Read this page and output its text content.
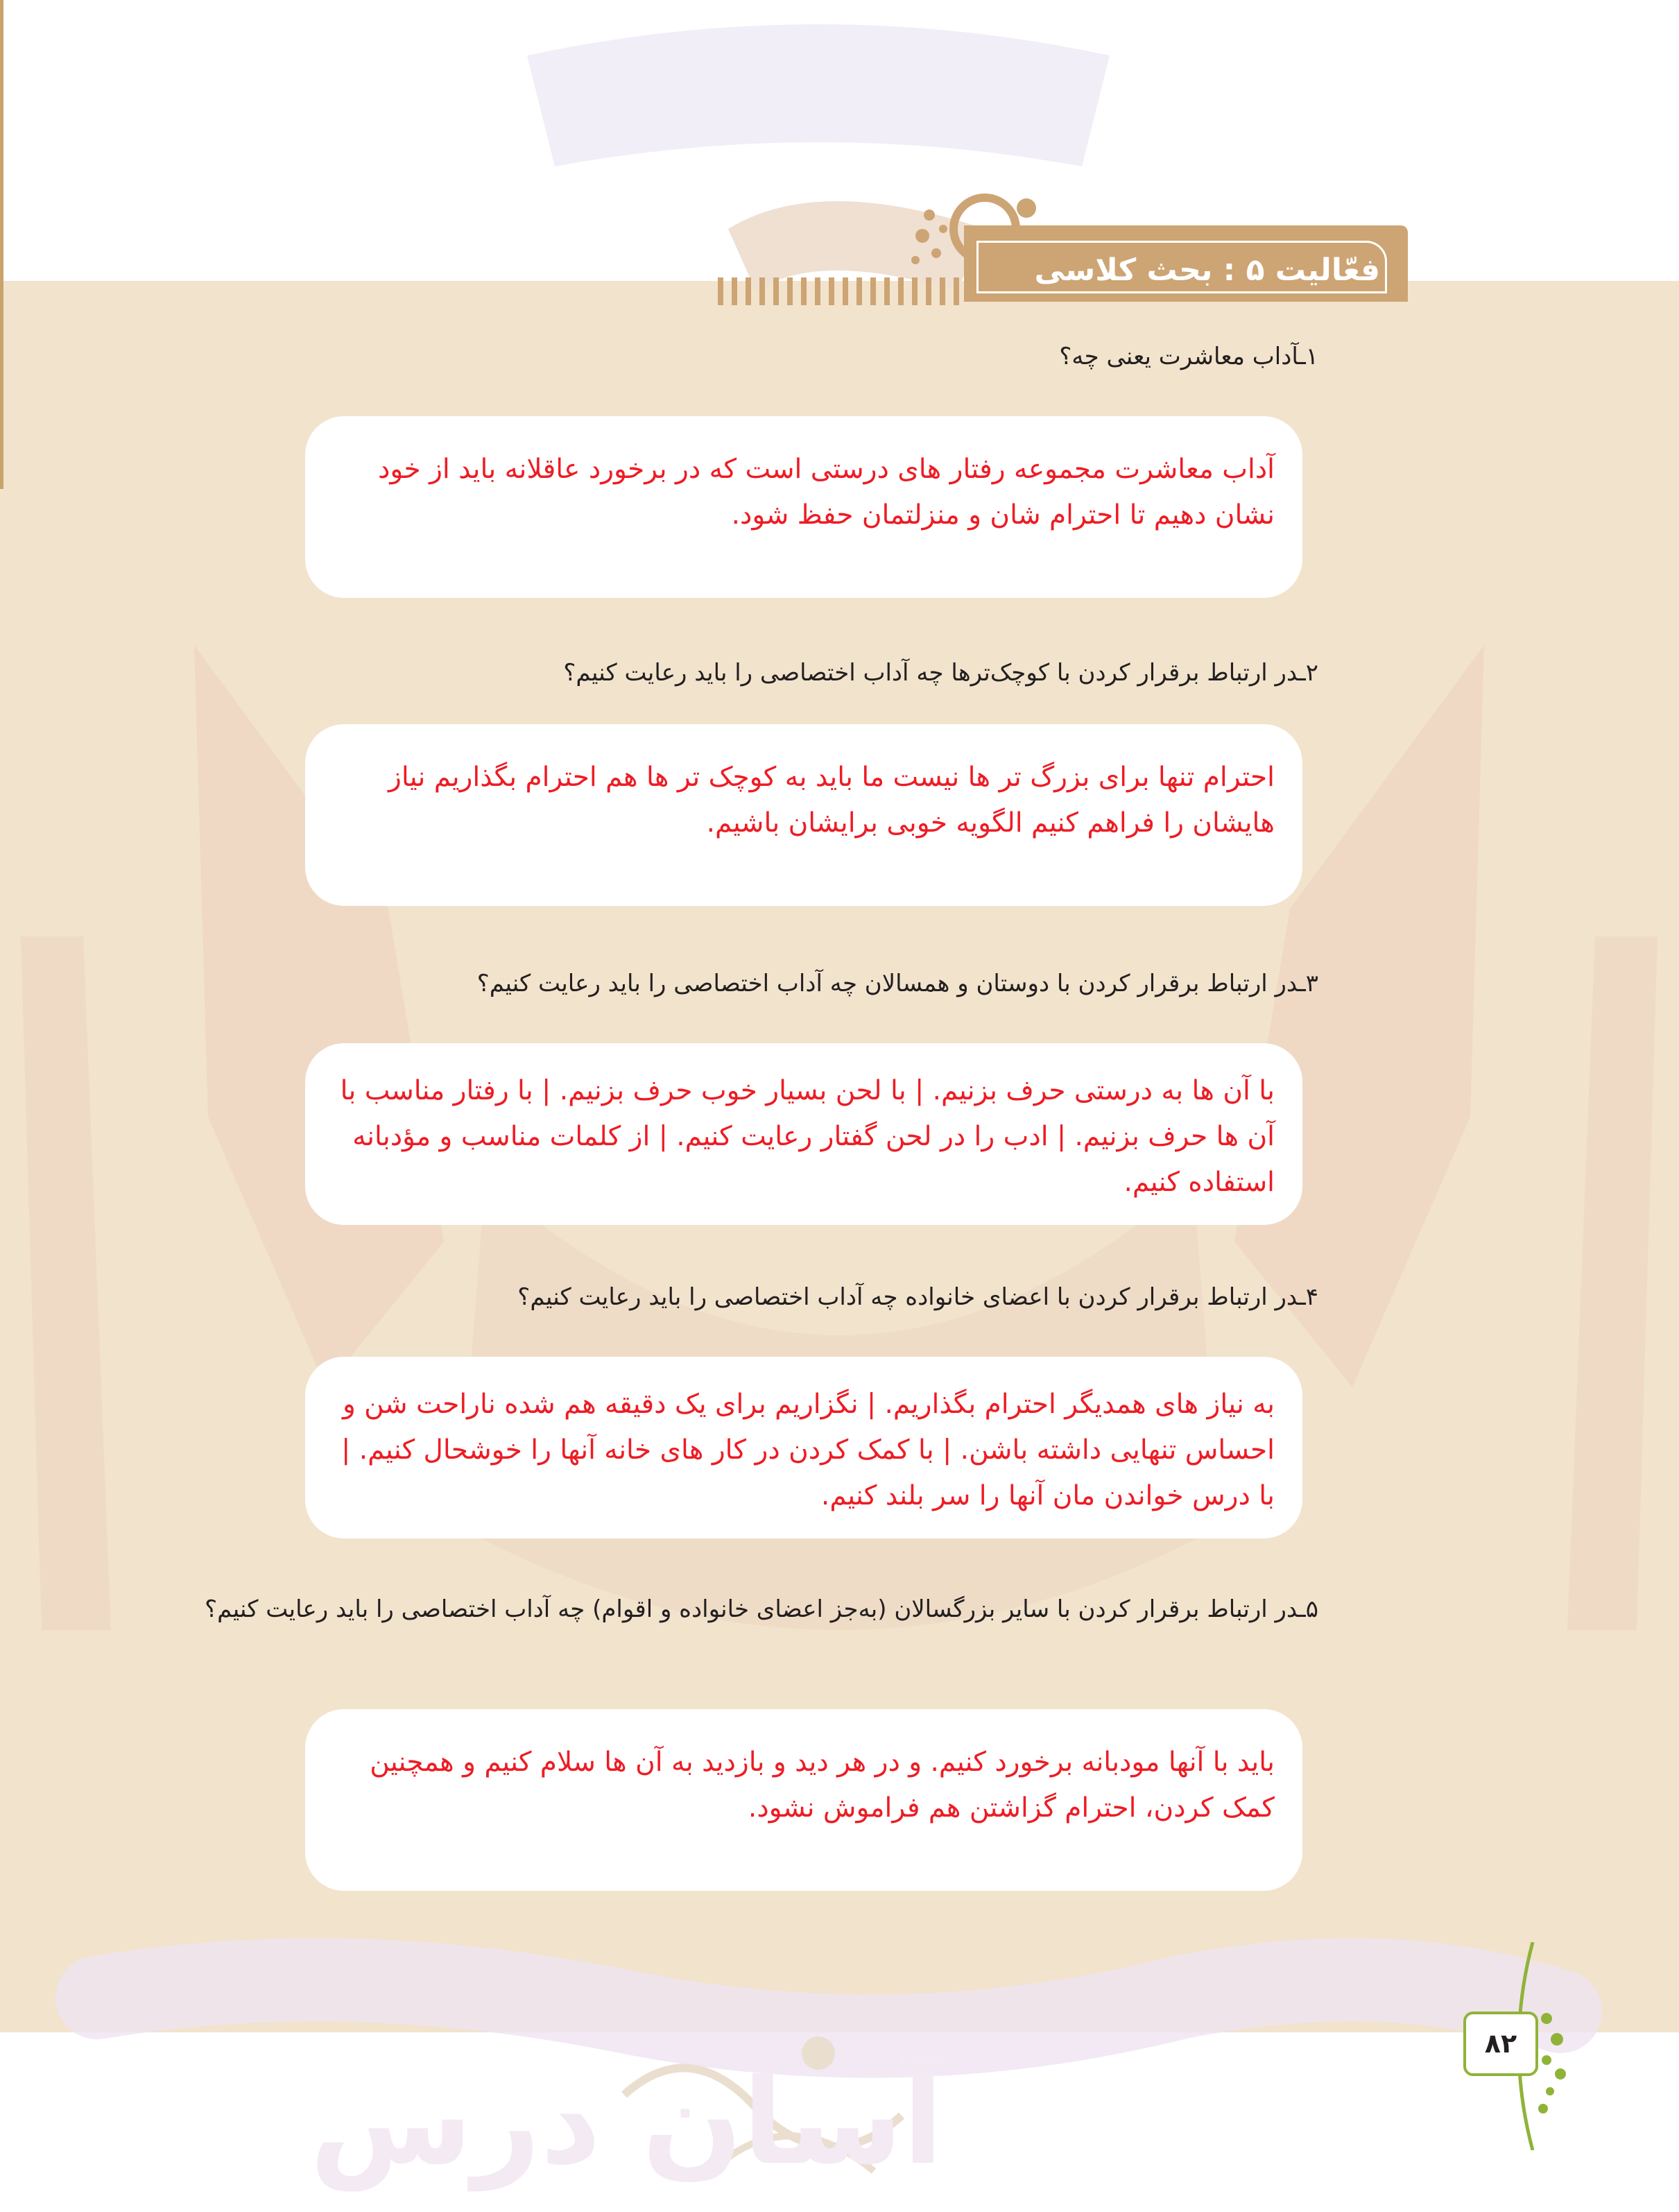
فعّالیت ۵ : بحث کلاسی
۱ـآداب معاشرت یعنی چه؟
آداب معاشرت مجموعه رفتار های درستی است که در برخورد عاقلانه باید از خود نشان دهیم تا احترام شان و منزلتمان حفظ شود.
۲ـدر ارتباط برقرار کردن با کوچک‌ترها چه آداب اختصاصی را باید رعایت کنیم؟
احترام تنها برای بزرگ تر ها نیست ما باید به کوچک تر ها هم احترام بگذاریم نیاز هایشان را فراهم کنیم الگویه خوبی برایشان باشیم.
۳ـدر ارتباط برقرار کردن با دوستان و همسالان چه آداب اختصاصی را باید رعایت کنیم؟
با آن ها به درستی حرف بزنیم. | با لحن بسیار خوب حرف بزنیم. | با رفتار مناسب با آن ها حرف بزنیم. | ادب را در لحن گفتار رعایت کنیم. | از کلمات مناسب و مؤدبانه استفاده کنیم.
۴ـدر ارتباط برقرار کردن با اعضای خانواده چه آداب اختصاصی را باید رعایت کنیم؟
به نیاز های همدیگر احترام بگذاریم. | نگزاریم برای یک دقیقه هم شده ناراحت شن و احساس تنهایی داشته باشن. | با کمک کردن در کار های خانه آنها را خوشحال کنیم. | با درس خواندن مان آنها را سر بلند کنیم.
۵ـدر ارتباط برقرار کردن با سایر بزرگسالان (به‌جز اعضای خانواده و اقوام) چه آداب اختصاصی را باید رعایت کنیم؟
باید با آنها مودبانه برخورد کنیم. و در هر دید و بازدید به آن ها سلام کنیم و همچنین کمک کردن، احترام گزاشتن هم فراموش نشود.
۸۲
آسان درس
